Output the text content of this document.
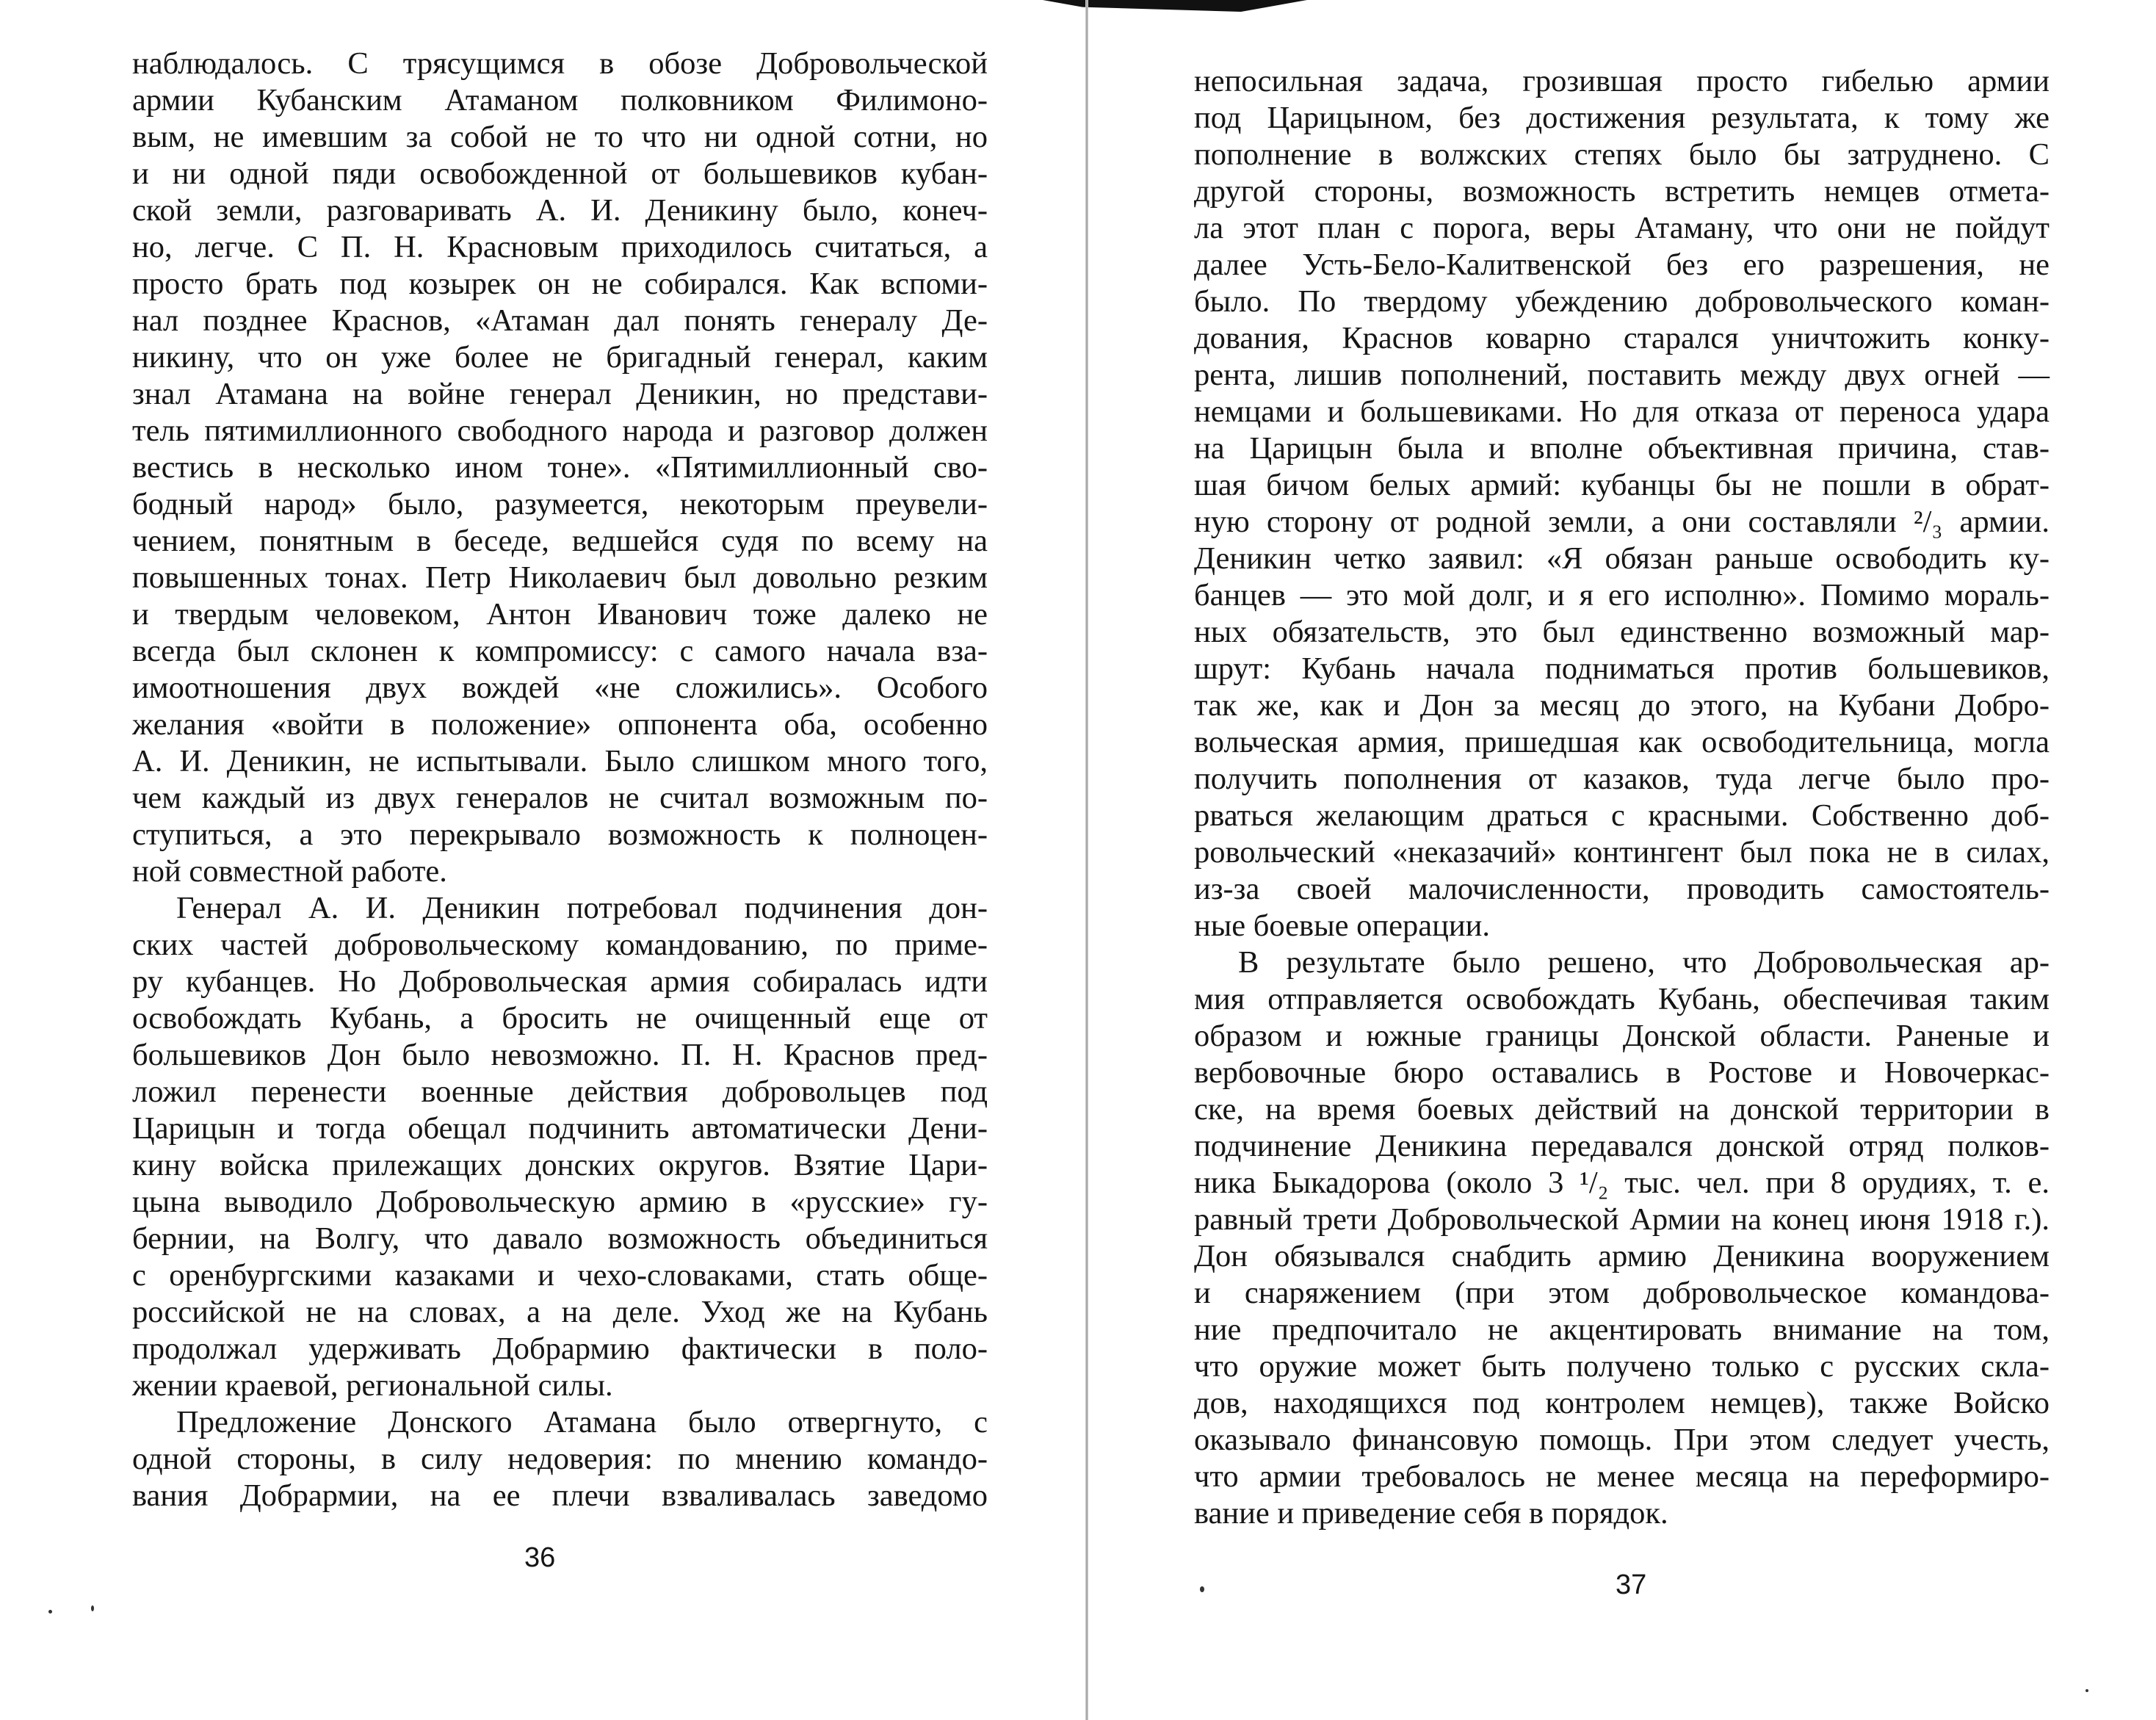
наблюдалось. С трясущимся в обозе Добровольческой
армии Кубанским Атаманом полковником Филимоно-
вым, не имевшим за собой не то что ни одной сотни, но
и ни одной пяди освобожденной от большевиков кубан-
ской земли, разговаривать А. И. Деникину было, конеч-
но, легче. С П. Н. Красновым приходилось считаться, а
просто брать под козырек он не собирался. Как вспоми-
нал позднее Краснов, «Атаман дал понять генералу Де-
никину, что он уже более не бригадный генерал, каким
знал Атамана на войне генерал Деникин, но представи-
тель пятимиллионного свободного народа и разговор должен
вестись в несколько ином тоне». «Пятимиллионный сво-
бодный народ» было, разумеется, некоторым преувели-
чением, понятным в беседе, ведшейся судя по всему на
повышенных тонах. Петр Николаевич был довольно резким
и твердым человеком, Антон Иванович тоже далеко не
всегда был склонен к компромиссу: с самого начала вза-
имоотношения двух вождей «не сложились». Особого
желания «войти в положение» оппонента оба, особенно
А. И. Деникин, не испытывали. Было слишком много того,
чем каждый из двух генералов не считал возможным по-
ступиться, а это перекрывало возможность к полноцен-
ной совместной работе.
Генерал А. И. Деникин потребовал подчинения дон-
ских частей добровольческому командованию, по приме-
ру кубанцев. Но Добровольческая армия собиралась идти
освобождать Кубань, а бросить не очищенный еще от
большевиков Дон было невозможно. П. Н. Краснов пред-
ложил перенести военные действия добровольцев под
Царицын и тогда обещал подчинить автоматически Дени-
кину войска прилежащих донских округов. Взятие Цари-
цына выводило Добровольческую армию в «русские» гу-
бернии, на Волгу, что давало возможность объединиться
с оренбургскими казаками и чехо-словаками, стать обще-
российской не на словах, а на деле. Уход же на Кубань
продолжал удерживать Добрармию фактически в поло-
жении краевой, региональной силы.
Предложение Донского Атамана было отвергнуто, с
одной стороны, в силу недоверия: по мнению командо-
вания Добрармии, на ее плечи взваливалась заведомо
36
непосильная задача, грозившая просто гибелью армии
под Царицыном, без достижения результата, к тому же
пополнение в волжских степях было бы затруднено. С
другой стороны, возможность встретить немцев отмета-
ла этот план с порога, веры Атаману, что они не пойдут
далее Усть-Бело-Калитвенской без его разрешения, не
было. По твердому убеждению добровольческого коман-
дования, Краснов коварно старался уничтожить конку-
рента, лишив пополнений, поставить между двух огней —
немцами и большевиками. Но для отказа от переноса удара
на Царицын была и вполне объективная причина, став-
шая бичом белых армий: кубанцы бы не пошли в обрат-
ную сторону от родной земли, а они составляли ²/₃ армии.
Деникин четко заявил: «Я обязан раньше освободить ку-
банцев — это мой долг, и я его исполню». Помимо мораль-
ных обязательств, это был единственно возможный мар-
шрут: Кубань начала подниматься против большевиков,
так же, как и Дон за месяц до этого, на Кубани Добро-
вольческая армия, пришедшая как освободительница, могла
получить пополнения от казаков, туда легче было про-
рваться желающим драться с красными. Собственно доб-
ровольческий «неказачий» контингент был пока не в силах,
из-за своей малочисленности, проводить самостоятель-
ные боевые операции.
В результате было решено, что Добровольческая ар-
мия отправляется освобождать Кубань, обеспечивая таким
образом и южные границы Донской области. Раненые и
вербовочные бюро оставались в Ростове и Новочеркас-
ске, на время боевых действий на донской территории в
подчинение Деникина передавался донской отряд полков-
ника Быкадорова (около 3 ¹/₂ тыс. чел. при 8 орудиях, т. е.
равный трети Добровольческой Армии на конец июня 1918 г.).
Дон обязывался снабдить армию Деникина вооружением
и снаряжением (при этом добровольческое командова-
ние предпочитало не акцентировать внимание на том,
что оружие может быть получено только с русских скла-
дов, находящихся под контролем немцев), также Войско
оказывало финансовую помощь. При этом следует учесть,
что армии требовалось не менее месяца на переформиро-
вание и приведение себя в порядок.
37
